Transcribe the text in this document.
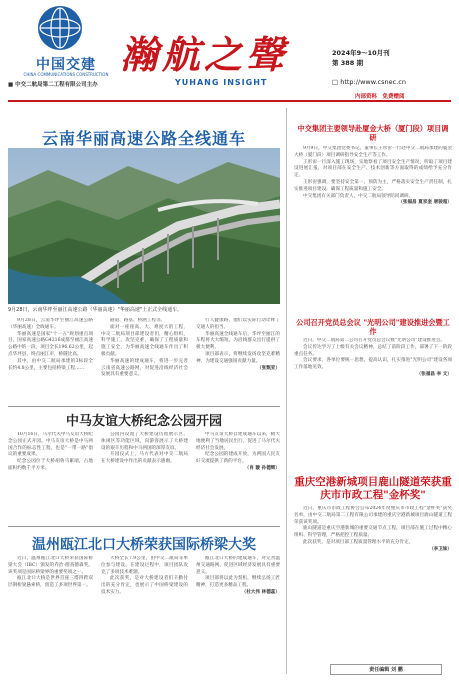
中国交建
CHINA COMMUNICATIONS CONSTRUCTION
■ 中交二航局第二工程有限公司主办
瀚航之聲
YUHANG INSIGHT
2024年9～10月刊
第 388 期
□ http://www.csnec.cn
内部资料　免费赠阅
云南华丽高速公路全线通车
9月28日，云南华坪至丽江高速公路（华丽高速）"华丽高速"上正式全线通车。

9月28日，云南华坪至丽江高速公路（华丽高速）全线通车。

华丽高速是国家"十一五"规划重点项目，国家高速公路G4216成都至丽江高速公路中的一段，项目全长196.62公里，起点华坪县，终点丽江市，桥隧比高。

其中，由中交二航局承建的3标段全长约4.8公里，主要包括桥梁工程……

隧道、路基、桥涵工程等。

面对一座座高、大、难度大的工程，中交二航局项目部建设者们，精心组织，科学施工，攻坚克难，确保了工程质量和施工安全，为华丽高速全线通车作出了积极贡献。

华丽高速的建成通车，将进一步完善云南省高速公路网，对促进沿线经济社会发展具有重要意义。

行人健康路，他们以实际行动诠释了交通人的担当。

华丽高速全线通车后，华坪至丽江的车程将大大缩短，为沿线群众出行提供了极大便利。

项目部表示，将继续发扬攻坚克难精神，为建设交通强国贡献力量。

（张甄亚）
中马友谊大桥纪念公园开园

10月16日，马尔代夫中马友谊大桥纪念公园正式开园。中马友谊大桥是中马两国合作的标志性工程，也是"一带一路"倡议的重要成果。

纪念公园位于大桥胡鲁马累端，占地面积约数千平方米。

公园内设置了大桥建设历程展示区、休闲区等功能区域，向游客展示了大桥建设的艰辛历程和中马两国的深厚友谊。

开园仪式上，马方代表对中交二航局在大桥建设中作出的贡献表示感谢。

中马友谊大桥自建成通车以来，极大地便利了当地居民出行，促进了马尔代夫经济社会发展。

纪念公园的建成开放，为两国人民友好交流提供了新的平台。

（肖 璇 孙德辉）
温州瓯江北口大桥荣获国际桥梁大奖

近日，温州瓯江北口大桥荣获国际桥梁大会（IBC）颁发的乔治·理查德森奖。该奖项是国际桥梁界的重要奖项之一。

瓯江北口大桥是世界首座三塔四跨双层钢桁梁悬索桥，创造了多项世界第一。

大桥全长7.9公里，由中交二航局等单位参与建设。在建设过程中，项目团队攻克了多项技术难题。

此次获奖，是对大桥建设者们辛勤付出的充分肯定，也展示了中国桥梁建设的技术实力。

瓯江北口大桥的建成通车，对完善温州交通路网、促进区域经济发展具有重要意义。

项目部将以此为契机，继续弘扬工匠精神，打造更多精品工程。

（杜大伟 林德蕊）
中交集团主要领导赴厦金大桥（厦门段）项目调研

9月9日，中交集团党委书记、董事长王彤宙一行赴中交二航局承建的厦金大桥（厦门段）项目调研指导安全生产等工作。

王彤宙一行深入施工现场，实地察看了项目安全生产情况，听取了项目建设进展汇报，对项目部在安全生产、技术创新等方面取得的成绩给予充分肯定。

王彤宙强调，要坚持安全第一、预防为主，严格落实安全生产责任制，扎实推进项目建设，确保工程质量和施工安全。

中交集团有关部门负责人，中交二航局领导陪同调研。

（张福昌 夏家奎 唐骏超）
公司召开党员总会议 "光明公司"建设推进会暨工作

近日，中交二航局第二公司召开党员总会议暨"光明公司"建设推进会。

会议传达学习了上级有关会议精神，总结了前阶段工作，部署了下一阶段重点任务。

会议要求，各单位要统一思想、提高认识，扎实推进"光明公司"建设各项工作落地见效。

（张福昌 李 文）
重庆空港新城项目鹿山隧道荣获重庆市市政工程"金杯奖"

近日，重庆市市政工程协会公布2024年度重庆市市政工程"金杯奖"获奖名单，由中交二航局第二工程有限公司承建的重庆空港新城项目鹿山隧道工程荣获该奖项。

鹿山隧道是重庆空港新城的重要交通节点工程，项目部在施工过程中精心组织、科学管理，严格把控工程质量。

此次获奖，是对项目部工程质量管理水平的充分肯定。

（李卫妹）
责任编辑 刘 鹏
